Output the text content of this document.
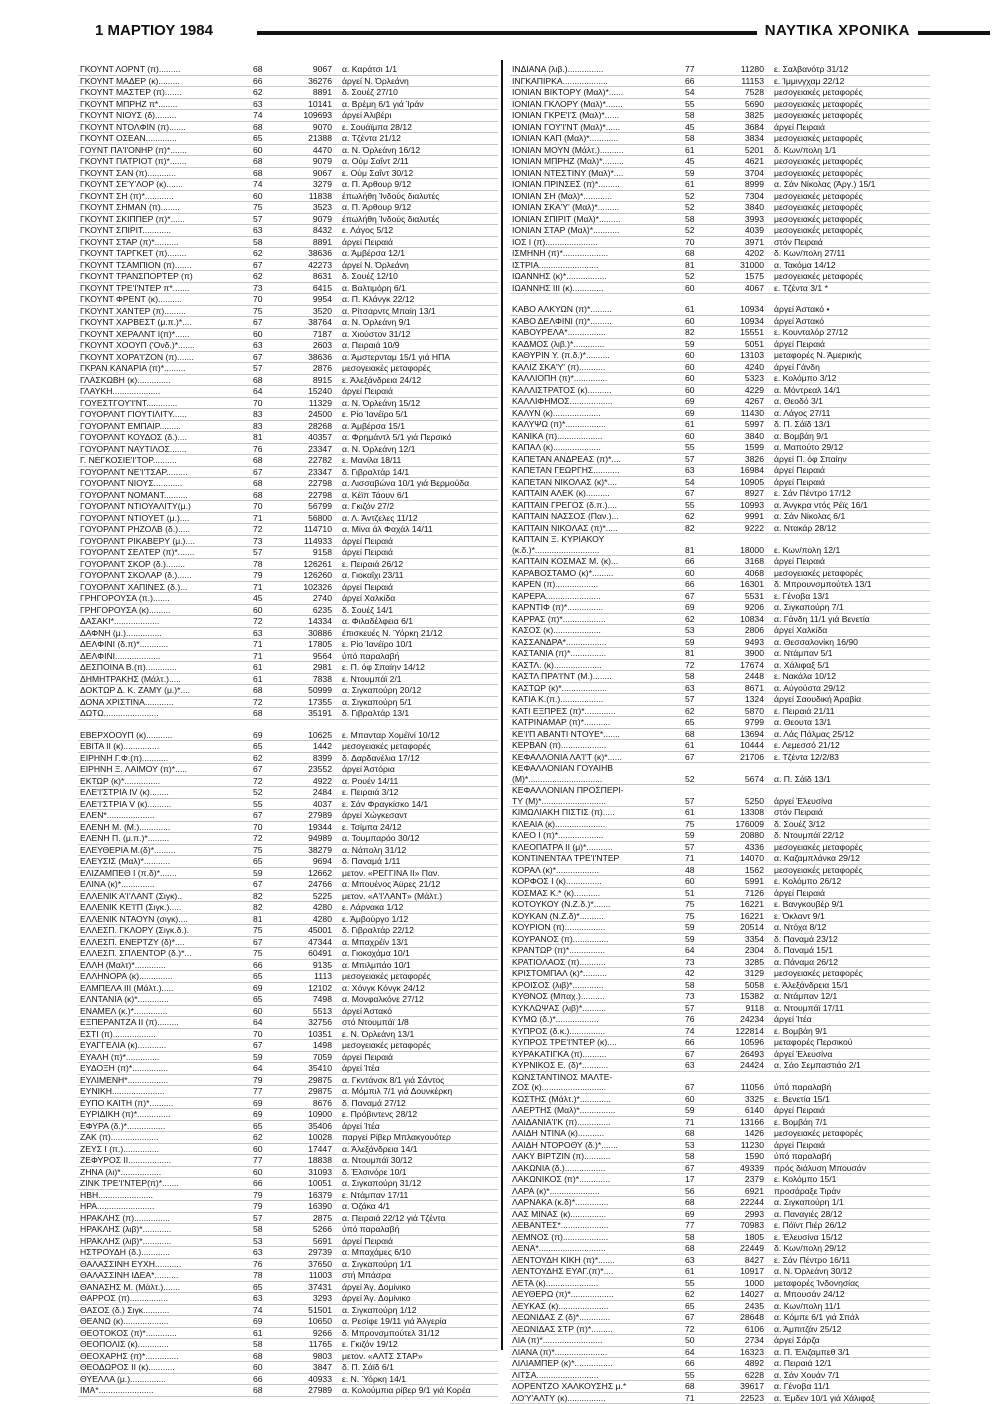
1 ΜΑΡΤΙΟΥ 1984	ΝΑΥΤΙΚΑ ΧΡΟΝΙΚΑ
ΓΚΟΥΝΤ ΛΟΡΝΤ (π).........	68	9067 α. Καράτσι 1/1
ΓΚΟΥΝΤ ΜΑΔΕΡ (κ).........	66	36276 άργεί Ν. Όρλεάνη
ΓΚΟΥΝΤ ΜΑΣΤΕΡ (π).......	62	8891 δ. Σουέζ 27/10
ΓΚΟΥΝΤ ΜΠΡΗΖ π*........	63	10141 α. Βρέμη 6/1 γιά Ίράν
ΓΚΟΥΝΤ ΝΙΟΥΣ (δ).........	74	109693 άργεί Άλιβέρι
ΓΚΟΥΝΤ ΝΤΟΛΦΙΝ (π).......	68	9070 ε. Σουάϊμπα 28/12
ΓΚΟΥΝΤ ΟΣΕΑΝ.............	65	21388 α. Τζέντα 21/12
ΓΟΥΝΤ ΠΑ'Ι'ΟΝΗΡ (π)*.......	60	4470 α. Ν. Όρλεάνη 16/12
ΓΚΟΥΝΤ ΠΑΤΡΙΟΤ (π)*.......	68	9079 α. Ούμ Σαΐντ 2/11
ΓΚΟΥΝΤ ΣΑΝ (π)............	68	9067 ε. Ούμ Σαΐντ 30/12
ΓΚΟΥΝΤ ΣΕ'Υ'ΛΟΡ (κ).......	74	3279 α. Π. Άρθουρ 9/12
ΓΚΟΥΝΤ ΣΗ (π)*............	60	11838 έπωλήθη Ίνδούς διαλυτές
ΓΚΟΥΝΤ ΣΗΜΑΝ (π)........	75	3523 α. Π. Άρθουρ 9/12
ΓΚΟΥΝΤ ΣΚΙΠΠΕΡ (π)*......	57	9079 έπωλήθη Ίνδούς διαλυτές
ΓΚΟΥΝΤ ΣΠΙΡΙΤ............	63	8432 ε. Λάγος 5/12
ΓΚΟΥΝΤ ΣΤΑΡ (π)*..........	58	8891 άργεί Πειραιά
ΓΚΟΥΝΤ ΤΑΡΓΚΕΤ (π)........	62	38636 α. Άμβέρσα 12/1
ΓΚΟΥΝΤ ΤΣΑΜΠΙΟΝ (π).......	67	42273 άργεί Ν. Όρλεάνη
ΓΚΟΥΝΤ ΤΡΑΝΣΠΟΡΤΕΡ (π)	62	8631 δ. Σουέζ 12/10
ΓΚΟΥΝΤ ΤΡΕ'Ι'ΝΤΕΡ π*.......	73	6415 α. Βαλτιμόρη 6/1
ΓΚΟΥΝΤ ΦΡΕΝΤ (κ)..........	70	9954 α. Π. Κλάνγκ 22/12
ΓΚΟΥΝΤ ΧΑΝΤΕΡ (π).........	75	3520 α. Ρίτσαρντς Μπαίη 13/1
ΓΚΟΥΝΤ ΧΑΡΒΕΣΤ (μ.π.)*....	67	38764 α. Ν. Όρλεάνη 9/1
ΓΚΟΥΝΤ ΧΕΡΑΛΝΤ I(π)*......	60	7187 α. Χιούστον 31/12
ΓΚΟΥΝΤ ΧΟΟΥΠ ('Ονδ.)*.......	63	2603 α. Πειραιά 10/9
ΓΚΟΥΝΤ ΧΟΡΑ'Ι'ΖΟΝ (π).......	67	38636 α. Άμστερνταμ 15/1 γιά ΗΠΑ
ΓΚΡΑΝ ΚΑΝΑΡΙΑ (π)*.........	57	2876 μεσογειακές μεταφορές
ΓΛΑΣΚΩΒΗ (κ)..............	68	8915 ε. Άλεξάνδρεια 24/12
ΓΛΑΥΚΗ....................	64	15240 άργεί Πειραιά
ΓΟΥΕΣΤΓΟΥ'Ι'ΝΤ.............	70	11329 α. Ν. Όρλεάνη 15/12
ΓΟΥΟΡΛΝΤ ΓΙΟΥΤΙΛΙΤΥ......	83	24500 ε. Ρίο Ίανέϊρο 5/1
ΓΟΥΟΡΛΝΤ ΕΜΠΑΙΡ.........	83	28268 α. Άμβέρσα 15/1
ΓΟΥΟΡΛΝΤ ΚΟΥΔΟΣ (δ.)....	81	40357 α. Φρημάντλ 5/1 γιά Περσικό
ΓΟΥΟΡΛΝΤ ΝΑΥΤΙΛΟΣ.......	76	23347 α. Ν. Όρλεάνη 12/1
Γ. ΝΕΓΚΟΣΙΕ'Ι'ΤΟΡ..........	68	22782 ε. Μανίλα 18/11
ΓΟΥΟΡΛΝΤ ΝΕ'Ι'ΤΣΑΡ.........	67	23347 δ. Γιβραλτάρ 14/1
ΓΟΥΟΡΛΝΤ ΝΙΟΥΣ............	68	22798 α. Λισσαβώνα 10/1 γιά Βερμούδα
ΓΟΥΟΡΛΝΤ ΝΟΜΑΝΤ..........	68	22798 α. Κέϊπ Τάουν 6/1
ΓΟΥΟΡΛΝΤ ΝΤΙΟΥΑΛΙΤΥ(μ.)	70	56799 α. Γκιζόν 27/2
ΓΟΥΟΡΛΝΤ ΝΤΙΟΥΕΤ (μ.)....	71	56800 α. Λ. Άντζελες 11/12
ΓΟΥΟΡΛΝΤ ΡΗΖΟΛΒ (δ.).....	72	114710 α. Μίνα άλ Φαχάλ 14/11
ΓΟΥΟΡΛΝΤ ΡΙΚΑΒΕΡΥ (μ.)....	73	114933 άργεί Πειραιά
ΓΟΥΟΡΛΝΤ ΣΕΛΤΕΡ (π)*.......	57	9158 άργεί Πειραιά
ΓΟΥΟΡΛΝΤ ΣΚΟΡ (δ.)........	78	126261 ε. Πειραιά 26/12
ΓΟΥΟΡΛΝΤ ΣΚΟΛΑΡ (δ.)......	79	126260 α. Γιοκαΐχι 23/11
ΓΟΥΟΡΛΝΤ ΧΑΠΙΝΕΣ (δ.)...	71	102326 άργεί Πειραιά
ΓΡΗΓΟΡΟΥΣΑ (π.).......	45	2740 άργεί Χαλκίδα
ΓΡΗΓΟΡΟΥΣΑ (κ).........	60	6235 δ. Σουέζ 14/1
ΔΑΣΑΚΙ*...................	72	14334 α. Φιλαδέλφεια 6/1
ΔΑΦΝΗ (μ.)...............	63	30886 έπισκευές Ν. Ύόρκη 21/12
ΔΕΛΦΙΝΙ (δ.π)*............	71	17805 ε. Ρίο Ίανέϊρο 10/1
ΔΕΛΦΙΝΙ...................	71	9564 ύπό παραλαβή
ΔΕΣΠΟΙΝΑ Β.(π).............	61	2981 ε. Π. όφ Σπαίην 14/12
ΔΗΜΗΤΡΑΚΗΣ (Μάλτ.).....	61	7838 ε. Ντουμπάϊ 2/1
ΔΟΚΤΩΡ Δ. Κ. ΖΑΜΥ (μ.)*....	68	50999 α. Σιγκαπούρη 20/12
ΔΟΝΑ ΧΡΙΣΤΙΝΑ............	72	17355 α. Σιγκαπούρη 5/1
ΔΩΤΩ.......................	68	35191 δ. Γιβραλτάρ 13/1
ΕΒΕΡΧΟΟΥΠ (κ)...........	69	10625 ε. Μπανταρ Χομέϊνί 10/12
ΕΒΙΤΑ II (κ)...............	65	1442 μεσογειακές μεταφορές
ΕΙΡΗΝΗ Γ.Φ.(π)...........	62	8399 δ. Δαρδανέλια 17/12
ΕΙΡΗΝΗ Ξ. ΛΑΙΜΟΥ (π)*.....	67	23552 άργεί Άστόρια
ΕΚΤΩΡ (κ)*...............	72	4922 α. Ρουέν 14/11
ΕΛΕ'Ι'ΣΤΡΙΑ IV (κ)........	52	2484 ε. Πειραιά 3/12
ΕΛΕ'Ι'ΣΤΡΙΑ V (κ)..........	55	4037 ε. Σάν Φραγκίσκο 14/1
ΕΛΕΝ*....................	67	27989 άργεί Χώγκεσαντ
ΕΛΕΝΗ Μ. (Μ.).............	70	19344 ε. Τσίμπα 24/12
ΕΛΕΝΗ Π. (μ.π.)*.........	72	94989 α. Τουμπαρόο 30/12
ΕΛΕΥΘΕΡΙΑ Μ.(δ)*.........	75	38279 α. Νάπολη 31/12
ΕΛΕΥΣΙΣ (Μαλ)*...........	65	9694 δ. Παναμά 1/11
ΕΛΙΖΑΜΠΕΘ Ι (π.δ)*.......	59	12662 μετον. «ΡΕΓΓΙΝΑ ΙΙ» Παν.
ΕΛΙΝΑ (κ)*..............	67	24766 α. Μπουένος Άϋρες 21/12
ΕΛΛΕΝΙΚ Α'Ι'ΛΑΝΤ (Σιγκ)..	82	5225 μετον. «Α'Ι'ΛΑΝΤ» (Μάλτ.)
ΕΛΛΕΝΙΚ ΚΕ'Ι'Π (Σιγκ.).....	82	4280 ε. Λάρνακα 1/12
ΕΛΛΕΝΙΚ ΝΤΑΟΥΝ (σιγκ)....	81	4280 ε. Άμβούργο 1/12
ΕΛΛΕΣΠ. ΓΚΛΟΡΥ (Σιγκ.δ.).	75	45001 δ. Γιβραλτάρ 22/12
ΕΛΛΕΣΠ. ΕΝΕΡΤΖΥ (δ)*....	67	47344 α. Μπαχρέϊν 13/1
ΕΛΛΕΣΠ. ΣΠΛΕΝΤΟΡ (δ.)*...	75	60491 α. Γιοκοχάμα 10/1
ΕΛΛΗ (Μαλτ)*.............	66	9135 α. Μπιλμπάο 10/1
ΕΛΛΗΝΟΡΑ (κ)..............	65	1113 μεσογειακές μεταφορές
ΕΛΜΠΕΛΑ III (Μάλτ.).....	69	12102 α. Χόνγκ Κόνγκ 24/12
ΕΛΝΤΑΝΙΑ (κ)*.............	65	7498 α. Μονφαλκόνε 27/12
ΕΝΑΜΕΛ (κ.)*..............	60	5513 άργεί Άστακό
ΕΞΠΕΡΑΝΤΖΑ II (π).........	64	32756 στό Ντουμπάϊ 1/8
ΕΣΤΙ (π)..................	70	10351 ε. Ν. Όρλεάνη 13/1
ΕΥΑΓΓΕΛΙΑ (κ)............	67	1498 μεσογειακές μεταφορές
ΕΥΑΛΗ (π)*..............	59	7059 άργεί Πειραιά
ΕΥΔΟΞΗ (π)*...............	64	35410 άργεί Ίτέα
ΕΥΛΙΜΕΝΗ*.................	79	29875 α. Γκντάνσκ 8/1 γιά Σάντος
ΕΥΝΙΚΗ......................	77	29875 α. Μόμπιλ 7/1 γιά Δουνκέρκη
ΕΥΠΟ ΚΑΙΤΗ (π)*..........	69	8676 δ. Παναμά 27/12
ΕΥΡΙΔΙΚΗ (π)*..............	69	10900 ε. Πρόβιντενς 28/12
ΕΦΥΡΑ (δ.)*................	65	35406 άργεί Ίτέα
ΖΑΚ (π)....................	62	10028 παργεί Ρίβερ Μπλακγουότερ
ΖΕΥΣ Ι (π.)...............	60	17447 α. Άλεξάνδρεια 14/1
ΖΕΦΥΡΟΣ ΙΙ..................	77	18838 α. Ντουμπάϊ 30/12
ΖΗΝΑ (λι)*.................	60	31093 δ. Έλσινόρε 10/1
ΖΙΝΚ ΤΡΕ'Ι'ΝΤΕΡ(π)*.......	66	10051 α. Σιγκαπούρη 31/12
ΗΒΗ.......................	79	16379 ε. Ντάμπαν 17/11
ΗΡΑ........................	79	16390 α. Όζάκα 4/1
ΗΡΑΚΛΗΣ (π)...............	57	2875 α. Πειραιά 22/12 γιά Τζέντα
ΗΡΑΚΛΗΣ (λιβ)*............	58	5266 ύπό παραλαβή
ΗΡΑΚΛΗΣ (λιβ)*............	53	5691 άργεί Πειραιά
ΗΣΤΡΟΥΔΗ (δ.)............	63	29739 α. Μπαχάμες 6/10
ΘΑΛΑΣΣΙΝΗ ΕΥΧΗ...........	76	37650 α. Σιγκαπούρη 1/1
ΘΑΛΑΣΣΙΝΗ ΙΔΕΑ*..........	78	11003 στή Μπάσρα
ΘΑΝΑΣΗΣ Μ. (Μάλτ.).......	65	37431 άργεί Άγ. Δομίνικο
ΘΑΡΡΟΣ (π)................	63	3293 άργεί Άγ. Δομίνικο
ΘΑΣΟΣ (δ.) Σιγκ...........	74	51501 α. Σιγκαπούρη 1/12
ΘΕΑΝΩ (κ)...................	69	10650 α. Ρεσίφε 19/11 γιά Άλγερία
ΘΕΟΤΟΚΟΣ (π)*.............	61	9266 δ. Μπρονσμπούτελ 31/12
ΘΕΟΠΟΛΙΣ (κ).............	58	11765 ε. Γκιζόν 19/12
ΘΕΟΧΑΡΗΣ (π)*..............	68	9803 μετον. «ΑΛΤΣ ΣΤΑΡ»
ΘΕΟΔΩΡΟΣ ΙΙ (κ)...........	60	3847 δ. Π. Σάϊδ 6/1
ΘΥΕΛΛΑ (μ.)...............	66	40933 ε. Ν. Ύόρκη 14/1
ΙΜΑ*.......................	68	27989 α. Κολούμπια ρίβερ 9/1 γιά Κορέα
ΙΝΔΙΑΝΑ (λιβ.)...............	77	11280 ε. Σαλβανότρ 31/12
ΙΝΓΚΑΠΙΡΚΑ...................	66	11153 ε. Ίμμινγχαμ 22/12
ΙΟΝΙΑΝ ΒΙΚΤΟΡΥ (Μαλ)*......	54	7528 μεσογειακές μεταφορές
ΙΟΝΙΑΝ ΓΚΛΟΡΥ (Μαλ)*.......	55	5690 μεσογειακές μεταφορές
ΙΟΝΙΑΝ ΓΚΡΕ'Ι'Σ (Μαλ)*......	58	3825 μεσογειακές μεταφορές
ΙΟΝΙΑΝ ΓΟΥ'Ι'ΝΤ (Μαλ)*......	45	3684 άργεί Πειραιά
ΙΟΝΙΑΝ ΚΑΠ (Μαλ)*............	58	3834 μεσογειακές μεταφορές
ΙΟΝΙΑΝ ΜΟΥΝ (Μάλτ.)..........	61	5201 δ. Κων/πολη 1/1
ΙΟΝΙΑΝ ΜΠΡΗΖ (Μαλ)*.........	45	4621 μεσογειακές μεταφορές
ΙΟΝΙΑΝ ΝΤΕΣΤΙΝΥ (Μαλ)*....	59	3704 μεσογειακές μεταφορές
ΙΟΝΙΑΝ ΠΡΙΝΣΕΣ (π)*.........	61	8999 α. Σάν Νίκολας (Άργ.) 15/1
ΙΟΝΙΑΝ ΣΗ (Μαλ)*............	52	7304 μεσογειακές μεταφορές
ΙΟΝΙΑΝ ΣΚΑ'Υ' (Μαλ)*.........	52	3840 μεσογειακές μεταφορές
ΙΟΝΙΑΝ ΣΠΙΡΙΤ (Μαλ)*.........	58	3993 μεσογειακές μεταφορές
ΙΟΝΙΑΝ ΣΤΑΡ (Μαλ)*...........	52	4039 μεσογειακές μεταφορές
ΙΟΣ Ι (π)......................	70	3971 στόν Πειραιά
ΙΣΜΗΝΗ (π)*...................	68	4202 δ. Κων/πολη 27/11
ΙΣΤΡΙΑ.........................	81	31000 α. Τακόμα 14/12
ΙΩΑΝΝΗΣ (κ)*.................	52	1575 μεσογειακές μεταφορές
ΙΩΑΝΝΗΣ III (κ).............	60	4067 ε. Τζέντα 3/1 *
ΚΑΒΟ ΑΛΚΥΩΝ (π)*.........	61	10934 άργεί Άστακό •
ΚΑΒΟ ΔΕΛΦΙΝΙ (π)*.........	60	10934 άργεί Άστακό
ΚΑΒΟΥΡΕΛΑ*................	82	15551 ε. Κουνταλόρ 27/12
ΚΑΔΜΟΣ (λιβ.)*.............	59	5051 άργεί Πειραιά
ΚΑΘΥΡΙΝ Υ. (π.δ.)*..........	60	13103 μεταφορές Ν. Άμερικής
ΚΑΛΙΖ ΣΚΑ'Υ' (π)...........	60	4240 άργεί Γάνδη
ΚΑΛΛΙΟΠΗ (π)*..............	60	5323 ε. Κολόμπο 3/12
ΚΑΛΛΙΣΤΡΑΤΟΣ (κ)..........	60	4229 α. Μόντρεαλ 14/1
ΚΑΛΛΙΦΗΜΟΣ..................	69	4267 α. Θεοδό 3/1
ΚΑΛΥΝ (κ)....................	69	11430 α. Λάγος 27/11
ΚΑΛΥΨΩ (π)*.................	61	5997 δ. Π. Σάϊδ 13/1
ΚΑΝΙΚΑ (π)...................	60	3840 α. Βομβάη 9/1
ΚΑΠΑΛ (κ)....................	55	1599 α. Μαπούτο 29/12
ΚΑΠΕΤΑΝ ΑΝΔΡΕΑΣ (π)*....	57	3826 άργεί Π. όφ Σπαίην
ΚΑΠΕΤΑΝ ΓΕΩΡΓΗΣ...........	63	16984 άργεί Πειραιά
ΚΑΠΕΤΑΝ ΝΙΚΟΛΑΣ (κ)*....	54	10905 άργεί Πειραιά
ΚΑΠΤΑΙΝ ΑΛΕΚ (κ)..........	67	8927 ε. Σάν Πέντρο 17/12
ΚΑΠΤΑΙΝ ΓΡΕΓΟΣ (δ.π.)....	55	10993 α. Άνγκρα ντός Ρέϊς 16/1
ΚΑΠΤΑΙΝ ΝΑΣΣΟΣ (Παν.)...	62	9991 α. Σάν Νίκολας 6/1
ΚΑΠΤΑΙΝ ΝΙΚΟΛΑΣ (π)*.....	82	9222 α. Ντακάρ 28/12
ΚΑΠΤΑΙΝ Ξ. ΚΥΡΙΑΚΟΥ
(κ.δ.)*...........................	81	18000 ε. Κων/πολη 12/1
ΚΑΠΤΑΙΝ ΚΟΣΜΑΣ Μ. (κ)...	66	3168 άργεί Πειραιά
ΚΑΡΑΒΟΣΤΑΜΟ (κ)*.........	60	4068 μεσογειακές μεταφορές
ΚΑΡΕΝ (π)..................	66	16301 δ. Μπρουνσμπούτελ 13/1
ΚΑΡΕΡΑ.......................	67	5531 ε. Γένοβα 13/1
ΚΑΡΝΤΙΦ (π)*...............	69	9206 α. Σιγκαπούρη 7/1
ΚΑΡΡΑΣ (π)*..................	62	10834 α. Γάνδη 11/1 γιά Βενετία
ΚΑΣΟΣ (κ)....................	53	2806 άργεί Χαλκίδα
ΚΑΣΣΑΝΔΡΑ*.................	59	9493 α. Θεσσαλονίκη 16/90
ΚΑΣΤΑΝΙΑ (π)*...............	81	3900 α. Ντάμπαν 5/1
ΚΑΣΤΛ. (κ)....................	72	17674 α. Χάλιφαξ 5/1
ΚΑΣΤΛ ΠΡΑ'Ι'ΝΤ (Μ.)........	58	2448 ε. Νακάλα 10/12
ΚΑΣΤΩΡ (κ)*...................	63	8671 α. Αύγούστα 29/12
ΚΑΤΙΑ Κ.(π.)..................	57	1324 άργεί Σαουδική Άραβία
ΚΑΤΙ ΕΞΠΡΕΣ (π)*.............	62	5870 ε. Πειραιά 21/11
ΚΑΤΡΙΝΑΜΑΡ (π)*...........	65	9799 α. Θεουτα 13/1
ΚΕ'Ι'Π ΑΒΑΝΤΙ ΝΤΟΥΕ*.......	68	13694 α. Λάς Πάλμας 25/12
ΚΕΡΒΑΝ (π)...................	61	10444 ε. Λεμεσσό 21/12
ΚΕΦΑΛΛΟΝΙΑ ΛΑ'Ι'Τ (κ)*......	67	21706 ε. Τζέντα 12/2/83
ΚΕΦΑΛΛΟΝΙΑΝ ΓΟΥΑΙΗΒ
(Μ)*...............................	52	5674 α. Π. Σάϊδ 13/1
ΚΕΦΑΛΛΟΝΙΑΝ ΠΡΟΣΠΕΡΙ-
ΤΥ (Μ)*...........................	57	5250 άργεί Έλευσίνα
ΚΙΜΩΛΙΑΚΗ ΠΙΣΤΙΣ (π).....	61	13308 στόν Πειραιά
ΚΛΕΑΙΑ (κ).....................	75	176009 δ. Σουέζ 3/12
ΚΛΕΟ Ι (π)*...................	59	20880 δ. Ντουμπάϊ 22/12
ΚΛΕΟΠΑΤΡΑ ΙΙ (μ)*...........	57	4336 μεσογειακές μεταφορές
ΚΟΝΤΙΝΕΝΤΑΛ ΤΡΕ'Ι'ΝΤΕΡ	71	14070 α. Καζαμπλάνκα 29/12
ΚΟΡΑΛ (κ)*..................	48	1562 μεσογειακές μεταφορές
ΚΟΡΦΟΣ Ι (κ)...............	60	5991 ε. Κολόμπο 26/12
ΚΟΣΜΑΣ Κ.* (κ)...........	51	7126 άργεί Πειραιά
ΚΟΤΟΥΚΟΥ (Ν.Ζ.δ.)*.......	75	16221 ε. Βανγκουβέρ 9/1
ΚΟΥΚΑΝ (Ν.Ζ.δ)*..........	75	16221 ε. Όκλαντ 9/1
ΚΟΥΡΙΟΝ (π).................	59	20514 α. Ντόχα 8/12
ΚΟΥΡΑΝΟΣ (π)...............	59	3354 δ. Παναμά 23/12
ΚΡΑΝΤΩΡ (π)*...............	64	2304 δ. Παναμά 15/1
ΚΡΑΤΙΟΛΑΟΣ (π)...........	73	3285 α. Πάναμα 26/12
ΚΡΙΣΤΟΜΠΑΛ (κ)*..........	42	3129 μεσογειακές μεταφορές
ΚΡΟΙΣΟΣ (λιβ)*.............	58	5058 ε. Άλεξάνδρεια 15/1
ΚΥΘΝΟΣ (Μπαχ.)..........	73	15382 α. Ντάμπαν 12/1
ΚΥΚΛΩΨΑΣ (λιβ)*..........	57	9118 α. Ντουμπάϊ 17/11
ΚΥΜΩ (δ.)*..................	76	24234 άργεί Ίτέα
ΚΥΠΡΟΣ (δ.κ.)...............	74	122814 ε. Βομβάη 9/1
ΚΥΠΡΟΣ ΤΡΕ'Ι'ΝΤΕΡ (κ)....	66	10596 μεταφορές Περσικού
ΚΥΡΑΚΑΤΙΓΚΑ (π)..........	67	26493 άργεί Έλευσίνα
ΚΥΡΝΙΚΟΣ Ε. (δ)*...........	63	24424 α. Σάο Σεμπαστιάο 2/1
ΚΩΝΣΤΑΝΤΙΝΟΣ ΜΑΛΤΕ-
ΖΟΣ (κ)...........................	67	11056 ύπό παραλαβή
ΚΩΣΤΗΣ (Μάλτ.)*.............	60	3325 ε. Βενετία 15/1
ΛΑΕΡΤΗΣ (Μαλ)*...............	59	6140 άργεί Πειραιά
ΛΑΙΔΑΝΙΑ'Ι'Κ (π)..............	71	13166 ε. Βομβάη 7/1
ΛΑΙΔΗ ΝΤΙΝΑ (κ)...........	68	1426 μεσογειακές μεταφορές
ΛΑΙΔΗ ΝΤΟΡΟΘΥ (δ.)*.......	53	11230 άργεί Πειραιά
ΛΑΚΥ ΒΙΡΤΖΙΝ (π)...........	58	1590 ύπό παραλαβή
ΛΑΚΩΝΙΑ (δ.).................	67	49339 πρός διάλυση Μπουσάν
ΛΑΚΩΝΙΚΟΣ (π)*.............	17	2379 ε. Κολόμπο 15/1
ΛΑΡΑ (κ)*.....................	56	6921 προσάραξε Τιράν
ΛΑΡΝΑΚΑ (κ.δ)*..............	68	22244 α. Σιγκαπούρη 1/1
ΛΑΣ ΜΙΝΑΣ (κ)...............	69	2993 α. Παναγιές 28/12
ΛΕΒΑΝΤΕΣ*....................	77	70983 ε. Πόϊντ Πιέρ 26/12
ΛΕΜΝΟΣ (π)...................	58	1805 ε. Έλευσίνα 15/12
ΛΕΝΑ*............................	68	22449 δ. Κων/πολη 29/12
ΛΕΝΤΟΥΔΗ ΚΙΚΗ (π)*.......	63	8427 ε. Σάν Πέντρο 16/11
ΛΕΝΤΟΥΔΗΣ ΕΥΑΓ.(π)*....	61	10917 α. Ν. Όρλεάνη 30/12
ΛΕΤΑ (κ)......................	55	1000 μεταφορές Ίνδονησίας
ΛΕΥΘΕΡΩ (π)*..................	62	14027 α. Μπουσάν 24/12
ΛΕΥΚΑΣ (κ).....................	65	2435 α. Κων/πολη 11/1
ΛΕΩΝΙΔΑΣ Z (δ)*.............	67	28648 α. Κόμπε 6/1 γιά Σπάλ
ΛΕΩΝΙΔΑΣ ΣΤΡ (π)*.........	72	6106 α. Άμπιτζάν 25/12
ΛΙΑ (π)*.........................	50	2734 άργεί Σάρζα
ΛΙΑΝΑ (π)*......................	64	16323 α. Π. Έλιζαμπεθ 3/1
ΛΙΛΙΑΜΠΕΡ (κ)*................	66	4892 α. Πειραιά 12/1
ΛΙΤΣΑ..........................	55	6228 α. Σάν Χουάν 7/1
ΛΟΡΕΝΤΖΟ ΧΑΛΚΟΥΣΗΣ μ.*	68	39617 α. Γένοβα 11/1
ΛΟ'Υ'ΑΛΤΥ (κ)................	71	22523 α. Έμδεν 10/1 γιά Χάλιφαξ
